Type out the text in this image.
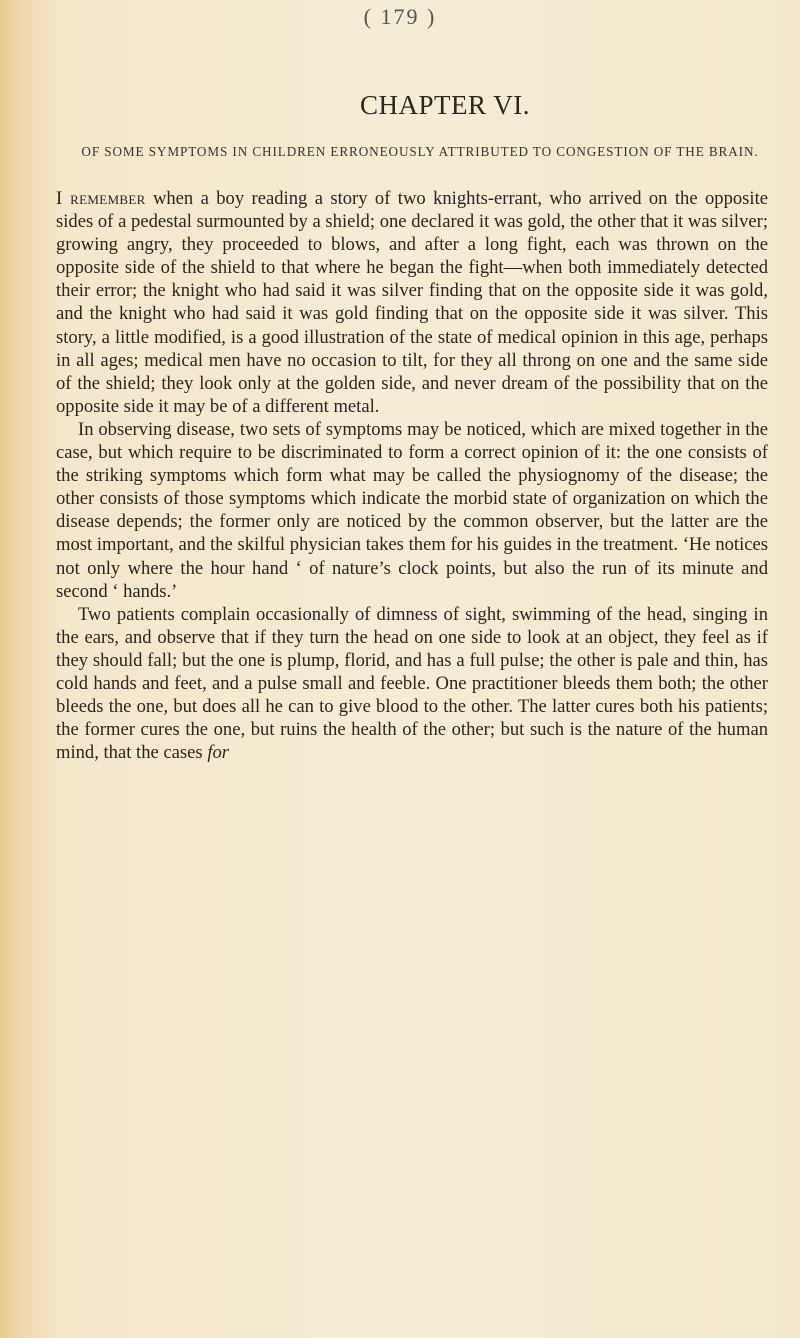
( 179 )
CHAPTER VI.
OF SOME SYMPTOMS IN CHILDREN ERRONEOUSLY ATTRIBUTED TO CONGESTION OF THE BRAIN.

I remember when a boy reading a story of two knights-errant, who arrived on the opposite sides of a pedestal surmounted by a shield; one declared it was gold, the other that it was silver; growing angry, they proceeded to blows, and after a long fight, each was thrown on the opposite side of the shield to that where he began the fight—when both immediately detected their error; the knight who had said it was silver finding that on the opposite side it was gold, and the knight who had said it was gold finding that on the opposite side it was silver. This story, a little modified, is a good illustration of the state of medical opinion in this age, perhaps in all ages; medical men have no occasion to tilt, for they all throng on one and the same side of the shield; they look only at the golden side, and never dream of the possibility that on the opposite side it may be of a different metal.

In observing disease, two sets of symptoms may be noticed, which are mixed together in the case, but which require to be discriminated to form a correct opinion of it: the one consists of the striking symptoms which form what may be called the physiognomy of the disease; the other consists of those symptoms which indicate the morbid state of organization on which the disease depends; the former only are noticed by the common observer, but the latter are the most important, and the skilful physician takes them for his guides in the treatment. ‘He notices not only where the hour hand ‘ of nature’s clock points, but also the run of its minute and second ‘ hands.’

Two patients complain occasionally of dimness of sight, swimming of the head, singing in the ears, and observe that if they turn the head on one side to look at an object, they feel as if they should fall; but the one is plump, florid, and has a full pulse; the other is pale and thin, has cold hands and feet, and a pulse small and feeble. One practitioner bleeds them both; the other bleeds the one, but does all he can to give blood to the other. The latter cures both his patients; the former cures the one, but ruins the health of the other; but such is the nature of the human mind, that the cases for
